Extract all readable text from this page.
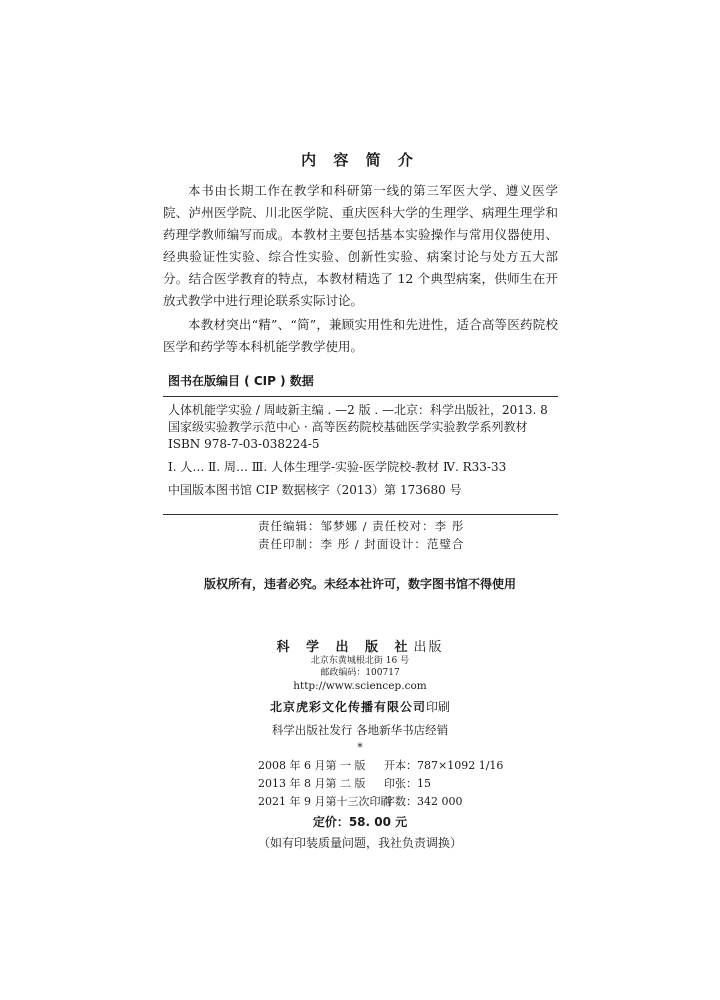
内 容 简 介

本书由长期工作在教学和科研第一线的第三军医大学、遵义医学院、泸州医学院、川北医学院、重庆医科大学的生理学、病理生理学和药理学教师编写而成。本教材主要包括基本实验操作与常用仪器使用、经典验证性实验、综合性实验、创新性实验、病案讨论与处方五大部分。结合医学教育的特点，本教材精选了 12 个典型病案，供师生在开放式教学中进行理论联系实际讨论。

本教材突出“精”、“简”，兼顾实用性和先进性，适合高等医药院校医学和药学等本科机能学教学使用。

图书在版编目 ( CIP ) 数据
人体机能学实验 / 周岐新主编 . —2 版 . —北京：科学出版社，2013. 8
国家级实验教学示范中心 · 高等医药院校基础医学实验教学系列教材
ISBN 978-7-03-038224-5
Ⅰ. 人… Ⅱ. 周… Ⅲ. 人体生理学-实验-医学院校-教材 Ⅳ. R33-33
中国版本图书馆 CIP 数据核字（2013）第 173680 号
责任编辑：邹梦娜 / 责任校对：李 彤
责任印制：李 彤 / 封面设计：范璧合
版权所有，违者必究。未经本社许可，数字图书馆不得使用
科 学 出 版 社出版
北京东黄城根北街 16 号
邮政编码：100717
http://www.sciencep.com
北京虎彩文化传播有限公司印刷
科学出版社发行 各地新华书店经销
*
2008 年 6 月第 一 版 开本：787×1092 1/16
2013 年 8 月第 二 版 印张：15
2021 年 9 月第十三次印刷字数：342 000
定价：58. 00 元
（如有印装质量问题，我社负责调换）
